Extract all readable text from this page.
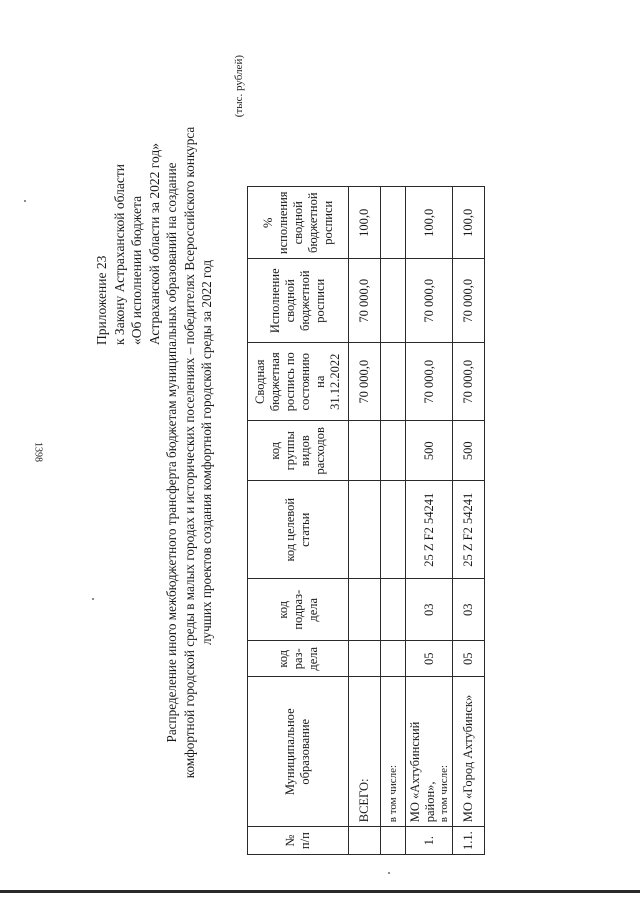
1398
Приложение 23 к Закону Астраханской области «Об исполнении бюджета Астраханской области за 2022 год» Распределение иного межбюджетного трансферта бюджетам муниципальных образований на создание комфортной городской среды в малых городах и исторических поселениях – победителях Всероссийского конкурса лучших проектов создания комфортной городской среды за 2022 год
(тыс. рублей)
№ п/п	Муниципальное образование	код раз-дела	код подраз-дела	код целевой статьи	код группы видов расходов	Сводная бюджетная роспись по состоянию на 31.12.2022	Исполнение сводной бюджетной росписи	% исполнения сводной бюджетной росписи
	ВСЕГО:					70 000,0	70 000,0	100,0
	в том числе:							
1.	МО «Ахтубинский район», в том числе:	05	03	25 Z F2 54241	500	70 000,0	70 000,0	100,0
1.1.	МО «Город Ахтубинск»	05	03	25 Z F2 54241	500	70 000,0	70 000,0	100,0
